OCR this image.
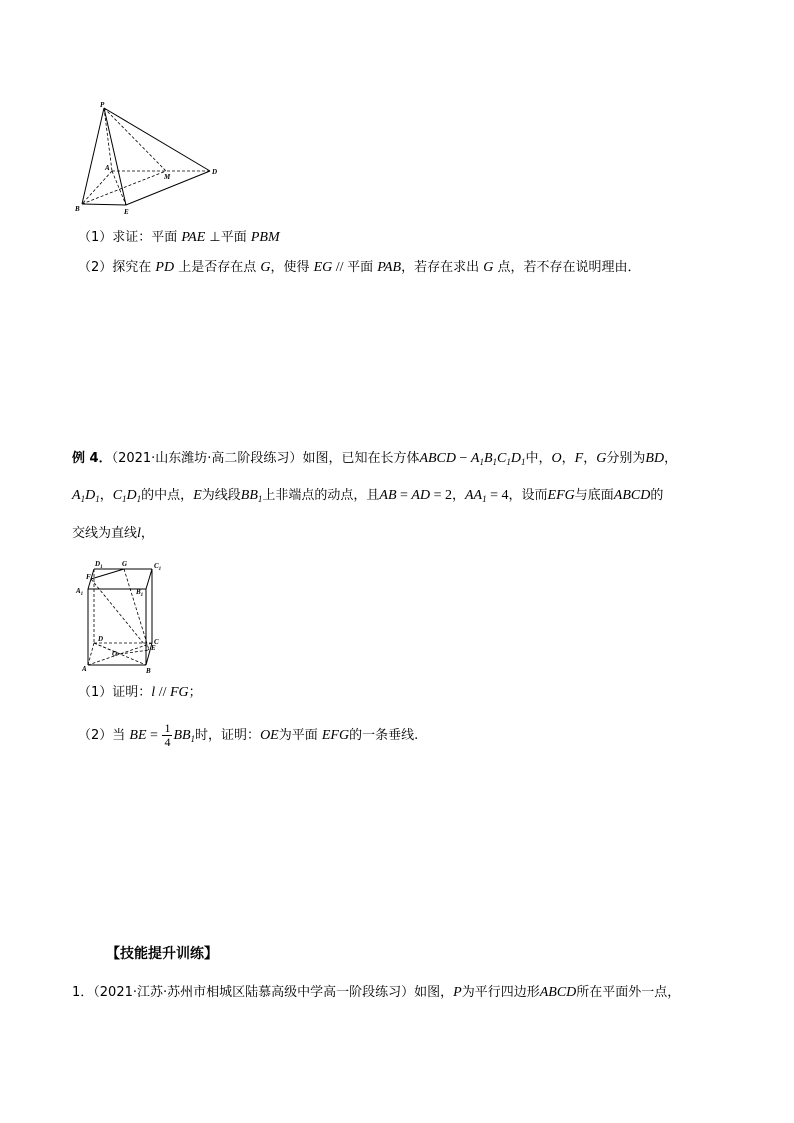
P
A
M
D
B	E
（1）求证：平面 PAE ⊥平面 PBM
（2）探究在 PD 上是否存在点 G，使得 EG // 平面 PAB，若存在求出 G 点，若不存在说明理由．
例 4．（2021·山东潍坊·高二阶段练习）如图，已知在长方体ABCD − $A_1B_1C_1D_1$中，O，F，G分别为BD，
$A_1D_1$，$C_1D_1$的中点，E为线段$BB_1$上非端点的动点，且AB = AD = 2，$AA_1 = 4$，设而EFG与底面ABCD的
交线为直线l，
$D_1$	G	$C_1$
F
$A_1$	$B_1$
D	C
E
O
A	B
（1）证明：l // FG；
（2）当 BE = $\frac{1}{4} BB_1$时，证明：OE为平面 EFG的一条垂线.
【技能提升训练】
1．（2021·江苏·苏州市相城区陆慕高级中学高一阶段练习）如图，P为平行四边形ABCD所在平面外一点，
